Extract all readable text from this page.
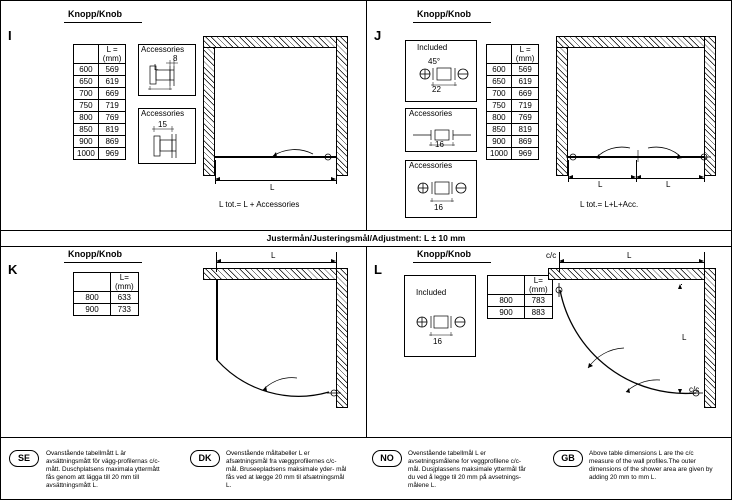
Justermån/Justeringsmål/Adjustment: L ± 10 mm
I
Knopp/Knob
	L =
(mm)
600	569
650	619
700	669
750	719
800	769
850	819
900	869
1000	969
Accessories
L
8
Accessories
15
L
L tot.= L + Accessories
J
Knopp/Knob
Included
45°
22
Accessories
16
Accessories
16
	L =
(mm)
600	569
650	619
700	669
750	719
800	769
850	819
900	869
1000	969
L	L
L tot.= L+L+Acc.
K
Knopp/Knob
	L=
(mm)
800	633
900	733
L
L
Knopp/Knob
Included
16
	L=
(mm)
800	783
900	883
L
c/c
L
c/c
SE	Ovanstående tabellmått L är avsättningsmått för vägg-profilernas c/c-mått. Duschplatsens maximala yttermått fås genom att lägga till 20 mm till avsättningsmått L.
DK	Ovenstående måltabeller L er afsætningsmål fra væggprofilernes c/c-mål. Bruseepladsens maksimale yder- mål fås ved at lægge 20 mm til afsætningsmål L.
NO	Ovenstående tabellmål L er avsetningsmålene for veggprofilene c/c- mål. Dusjplassens maksimale yttermål får du ved å legge til 20 mm på avsetnings-målene L.
GB	Above table dimensions L are the c/c measure of the wall profiles.The outer dimensions of the shower area are given by adding 20 mm to mm L.
